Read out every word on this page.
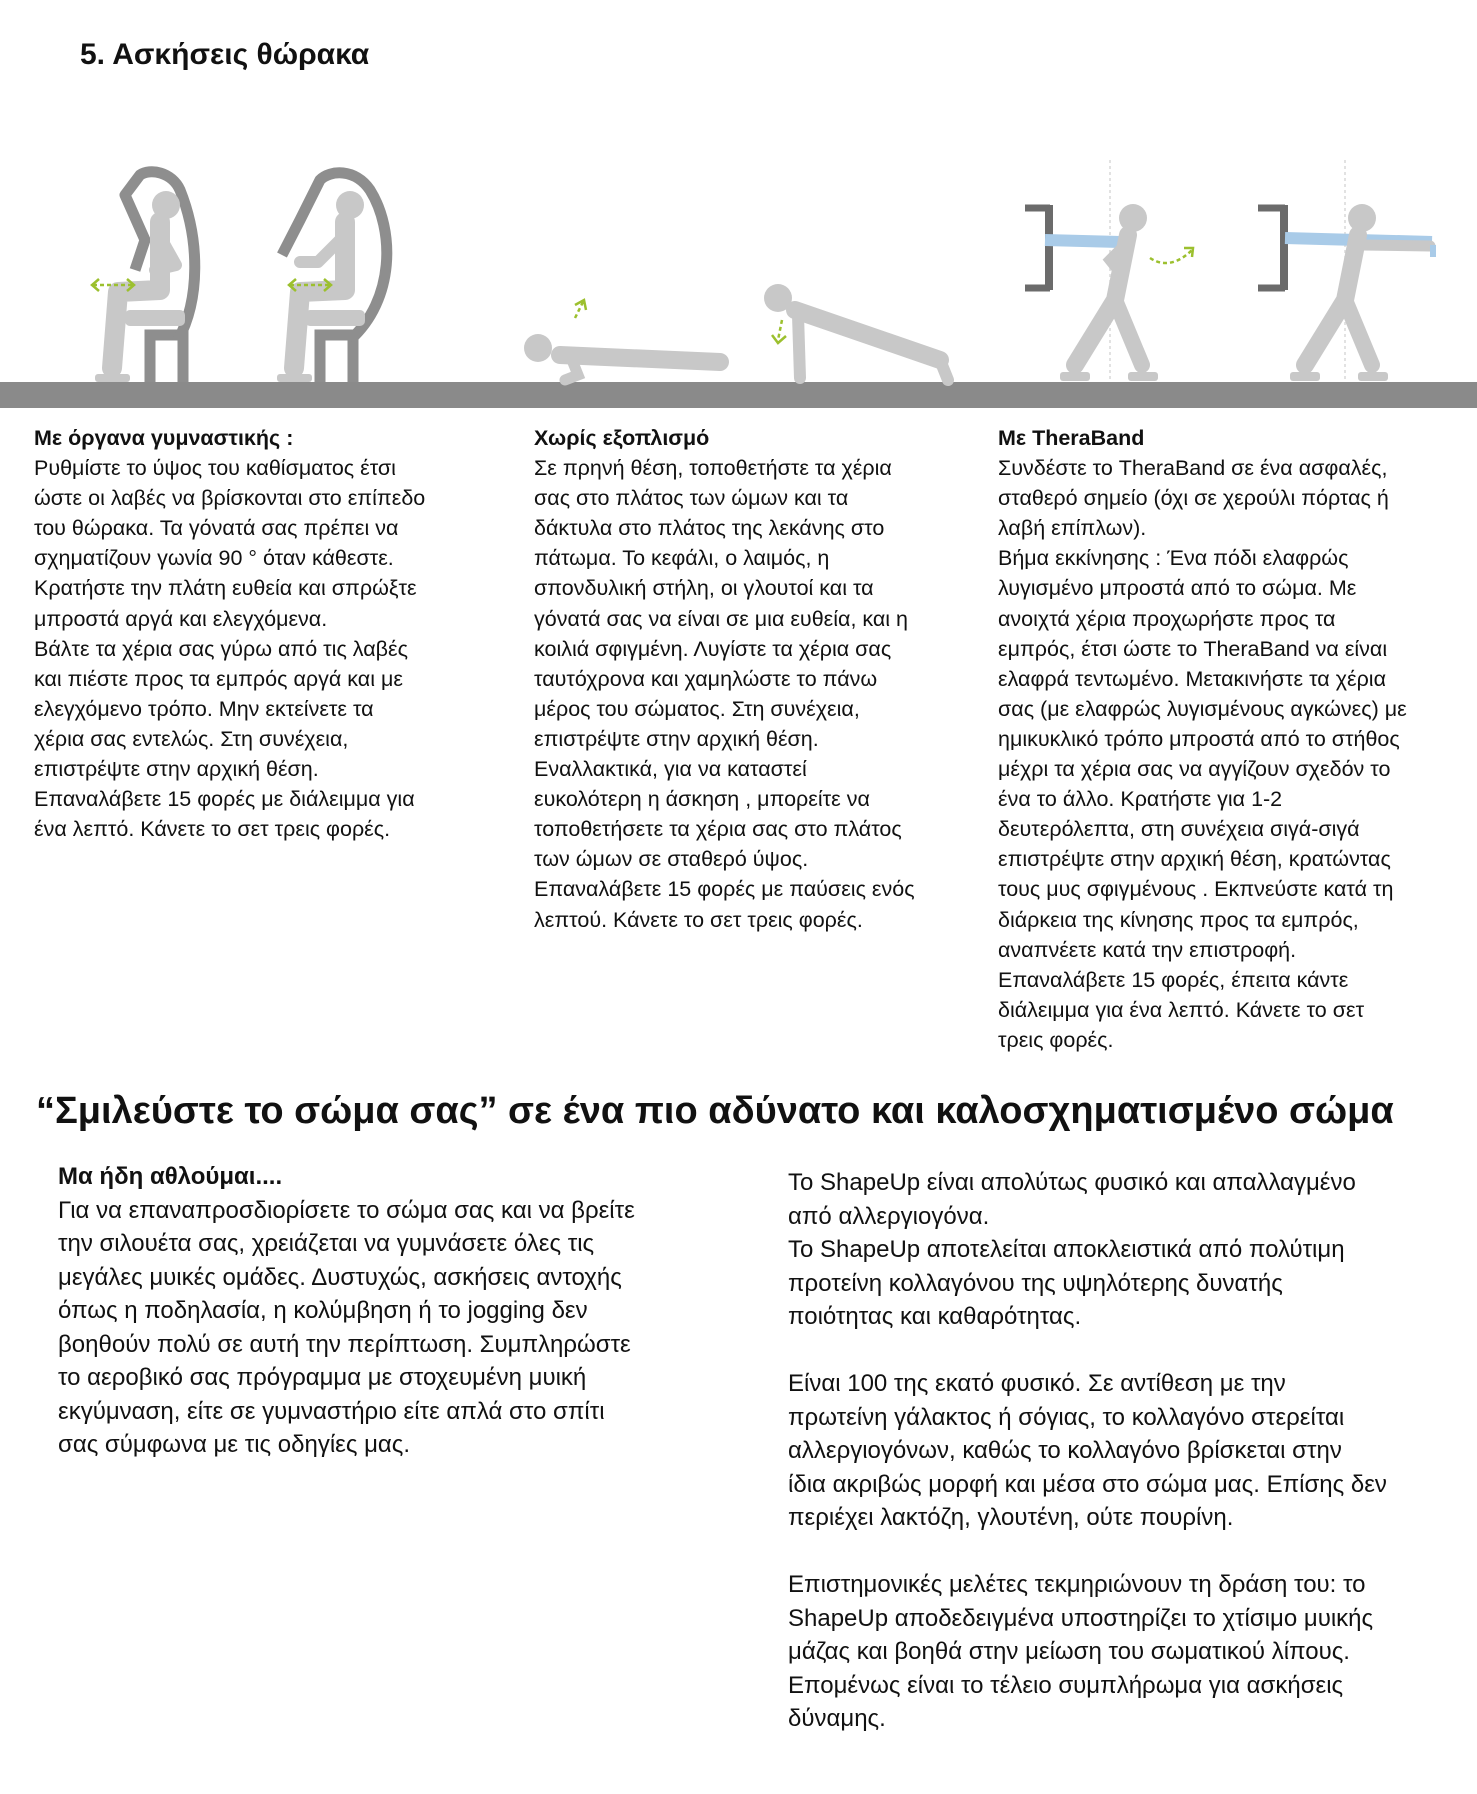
5. Ασκήσεις θώρακα
Με όργανα γυμναστικής :

Ρυθμίστε το ύψος του καθίσματος έτσι
ώστε οι λαβές να βρίσκονται στο επίπεδο
του θώρακα. Τα γόνατά σας πρέπει να
σχηματίζουν γωνία 90 ° όταν κάθεστε.
Κρατήστε την πλάτη ευθεία και σπρώξτε
μπροστά αργά και ελεγχόμενα.
Βάλτε τα χέρια σας γύρω από τις λαβές
και πιέστε προς τα εμπρός αργά και με
ελεγχόμενο τρόπο. Μην εκτείνετε τα
χέρια σας εντελώς. Στη συνέχεια,
επιστρέψτε στην αρχική θέση.
Επαναλάβετε 15 φορές με διάλειμμα για
ένα λεπτό. Κάνετε το σετ τρεις φορές.

Χωρίς εξοπλισμό

Σε πρηνή θέση, τοποθετήστε τα χέρια
σας στο πλάτος των ώμων και τα
δάκτυλα στο πλάτος της λεκάνης στο
πάτωμα. Το κεφάλι, ο λαιμός, η
σπονδυλική στήλη, οι γλουτοί και τα
γόνατά σας να είναι σε μια ευθεία, και η
κοιλιά σφιγμένη. Λυγίστε τα χέρια σας
ταυτόχρονα και χαμηλώστε το πάνω
μέρος του σώματος. Στη συνέχεια,
επιστρέψτε στην αρχική θέση.
Εναλλακτικά, για να καταστεί
ευκολότερη η άσκηση , μπορείτε να
τοποθετήσετε τα χέρια σας στο πλάτος
των ώμων σε σταθερό ύψος.
Επαναλάβετε 15 φορές με παύσεις ενός
λεπτού. Κάνετε το σετ τρεις φορές.

Με TheraBand

Συνδέστε το TheraBand σε ένα ασφαλές,
σταθερό σημείο (όχι σε χερούλι πόρτας ή
λαβή επίπλων).
Βήμα εκκίνησης : Ένα πόδι ελαφρώς
λυγισμένο μπροστά από το σώμα. Με
ανοιχτά χέρια προχωρήστε προς τα
εμπρός, έτσι ώστε το TheraBand να είναι
ελαφρά τεντωμένο. Μετακινήστε τα χέρια
σας (με ελαφρώς λυγισμένους αγκώνες) με
ημικυκλικό τρόπο μπροστά από το στήθος
μέχρι τα χέρια σας να αγγίζουν σχεδόν το
ένα το άλλο. Κρατήστε για 1-2
δευτερόλεπτα, στη συνέχεια σιγά-σιγά
επιστρέψτε στην αρχική θέση, κρατώντας
τους μυς σφιγμένους . Εκπνεύστε κατά τη
διάρκεια της κίνησης προς τα εμπρός,
αναπνέετε κατά την επιστροφή.
Επαναλάβετε 15 φορές, έπειτα κάντε
διάλειμμα για ένα λεπτό. Κάνετε το σετ
τρεις φορές.

“Σμιλεύστε το σώμα σας” σε ένα πιο αδύνατο και καλοσχηματισμένο σώμα
Μα ήδη αθλούμαι....

Για να επαναπροσδιορίσετε το σώμα σας και να βρείτε
την σιλουέτα σας, χρειάζεται να γυμνάσετε όλες τις
μεγάλες μυικές ομάδες. Δυστυχώς, ασκήσεις αντοχής
όπως η ποδηλασία, η κολύμβηση ή το jogging δεν
βοηθούν πολύ σε αυτή την περίπτωση. Συμπληρώστε
το αεροβικό σας πρόγραμμα με στοχευμένη μυική
εκγύμναση, είτε σε γυμναστήριο είτε απλά στο σπίτι
σας σύμφωνα με τις οδηγίες μας.

Το ShapeUp είναι απολύτως φυσικό και απαλλαγμένο
από αλλεργιογόνα.
Το ShapeUp αποτελείται αποκλειστικά από πολύτιμη
προτείνη κολλαγόνου της υψηλότερης δυνατής
ποιότητας και καθαρότητας.

Είναι 100 της εκατό φυσικό. Σε αντίθεση με την
πρωτείνη γάλακτος ή σόγιας, το κολλαγόνο στερείται
αλλεργιογόνων, καθώς το κολλαγόνο βρίσκεται στην
ίδια ακριβώς μορφή και μέσα στο σώμα μας. Επίσης δεν
περιέχει λακτόζη, γλουτένη, ούτε πουρίνη.

Επιστημονικές μελέτες τεκμηριώνουν τη δράση του: το
ShapeUp αποδεδειγμένα υποστηρίζει το χτίσιμο μυικής
μάζας και βοηθά στην μείωση του σωματικού λίπους.
Επομένως είναι το τέλειο συμπλήρωμα για ασκήσεις
δύναμης.
